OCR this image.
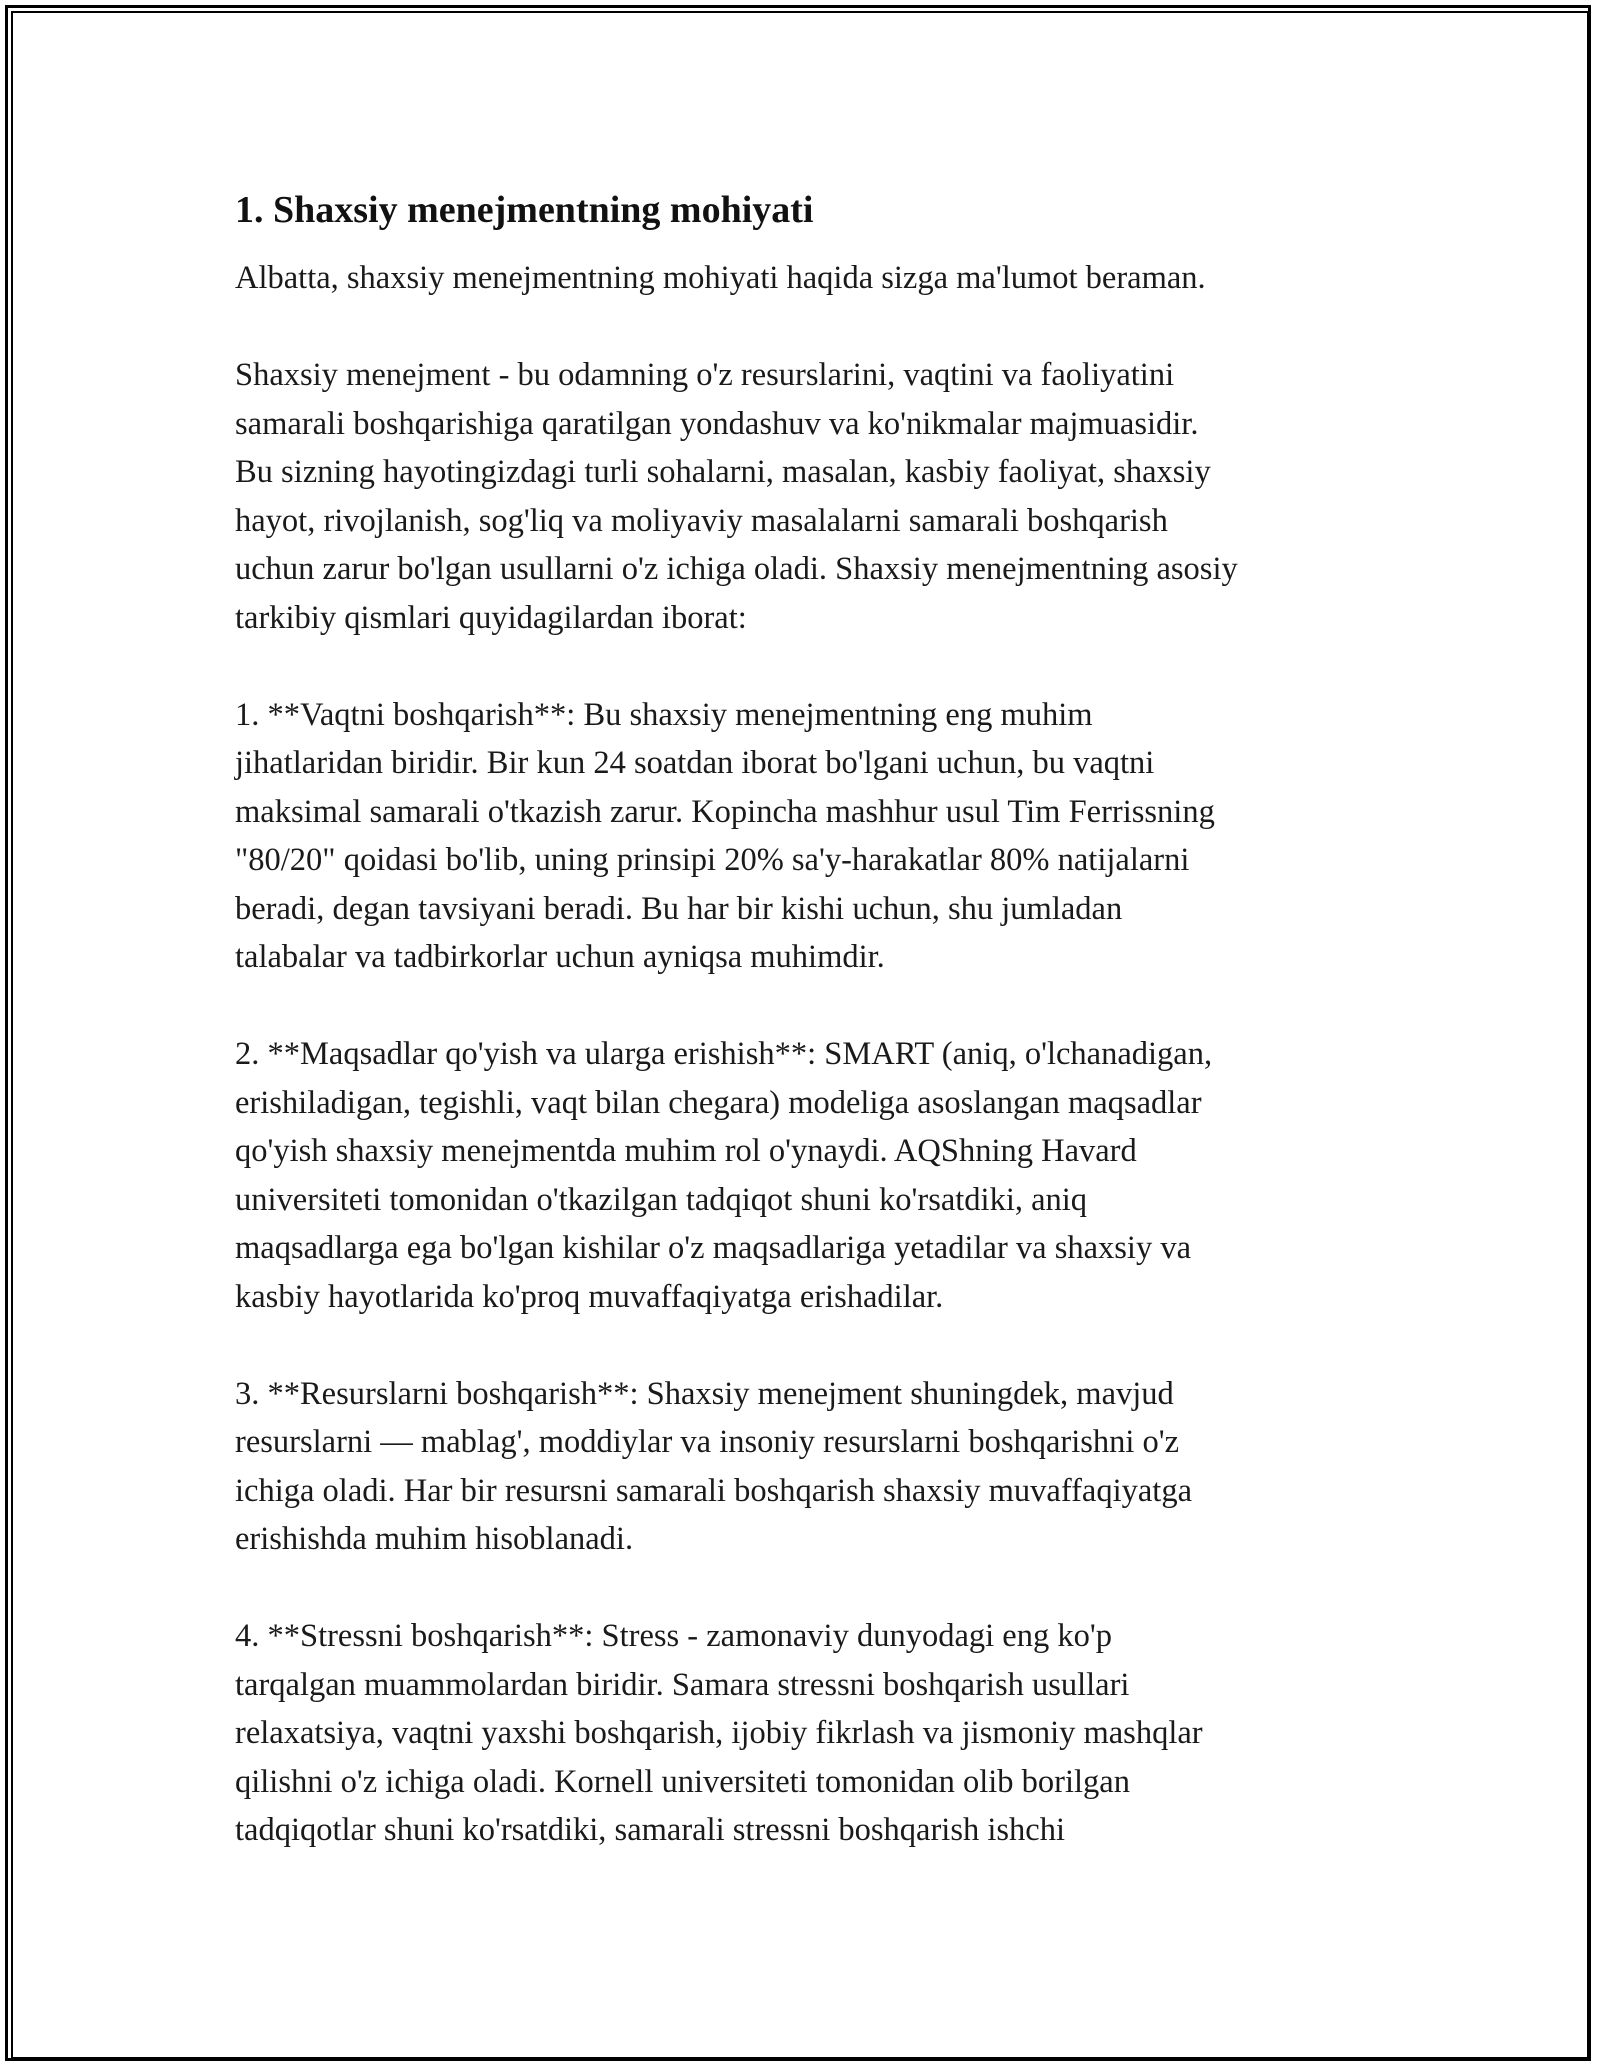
1. Shaxsiy menejmentning mohiyati

Albatta, shaxsiy menejmentning mohiyati haqida sizga ma'lumot beraman.

Shaxsiy menejment - bu odamning o'z resurslarini, vaqtini va faoliyatini
samarali boshqarishiga qaratilgan yondashuv va ko'nikmalar majmuasidir.
Bu sizning hayotingizdagi turli sohalarni, masalan, kasbiy faoliyat, shaxsiy
hayot, rivojlanish, sog'liq va moliyaviy masalalarni samarali boshqarish
uchun zarur bo'lgan usullarni o'z ichiga oladi. Shaxsiy menejmentning asosiy
tarkibiy qismlari quyidagilardan iborat:

1. **Vaqtni boshqarish**: Bu shaxsiy menejmentning eng muhim
jihatlaridan biridir. Bir kun 24 soatdan iborat bo'lgani uchun, bu vaqtni
maksimal samarali o'tkazish zarur. Kopincha mashhur usul Tim Ferrissning
"80/20" qoidasi bo'lib, uning prinsipi 20% sa'y-harakatlar 80% natijalarni
beradi, degan tavsiyani beradi. Bu har bir kishi uchun, shu jumladan
talabalar va tadbirkorlar uchun ayniqsa muhimdir.

2. **Maqsadlar qo'yish va ularga erishish**: SMART (aniq, o'lchanadigan,
erishiladigan, tegishli, vaqt bilan chegara) modeliga asoslangan maqsadlar
qo'yish shaxsiy menejmentda muhim rol o'ynaydi. AQShning Havard
universiteti tomonidan o'tkazilgan tadqiqot shuni ko'rsatdiki, aniq
maqsadlarga ega bo'lgan kishilar o'z maqsadlariga yetadilar va shaxsiy va
kasbiy hayotlarida ko'proq muvaffaqiyatga erishadilar.

3. **Resurslarni boshqarish**: Shaxsiy menejment shuningdek, mavjud
resurslarni — mablag', moddiylar va insoniy resurslarni boshqarishni o'z
ichiga oladi. Har bir resursni samarali boshqarish shaxsiy muvaffaqiyatga
erishishda muhim hisoblanadi.

4. **Stressni boshqarish**: Stress - zamonaviy dunyodagi eng ko'p
tarqalgan muammolardan biridir. Samara stressni boshqarish usullari
relaxatsiya, vaqtni yaxshi boshqarish, ijobiy fikrlash va jismoniy mashqlar
qilishni o'z ichiga oladi. Kornell universiteti tomonidan olib borilgan
tadqiqotlar shuni ko'rsatdiki, samarali stressni boshqarish ishchi
